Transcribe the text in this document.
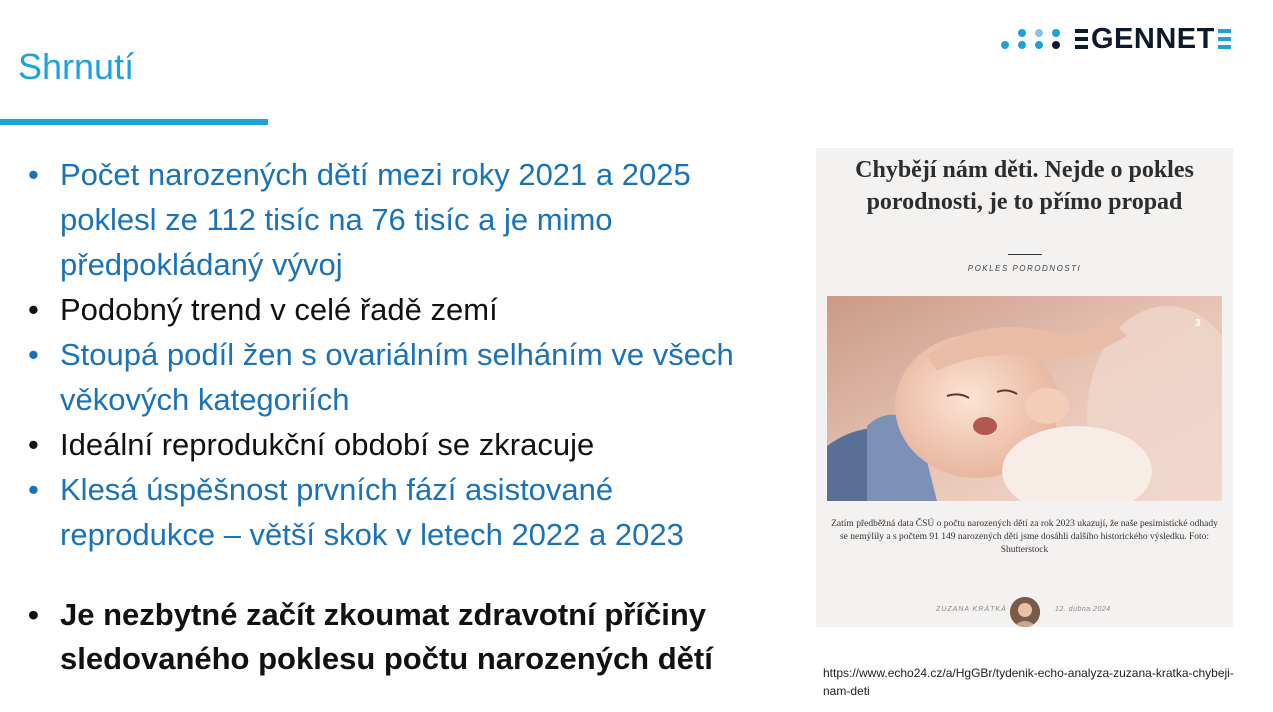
Shrnutí
GENNET
• Počet narozených dětí mezi roky 2021 a 2025 poklesl ze 112 tisíc na 76 tisíc a je mimo předpokládaný vývoj
• Podobný trend v celé řadě zemí
• Stoupá podíl žen s ovariálním selháním ve všech věkových kategoriích
• Ideální reprodukční období se zkracuje
• Klesá úspěšnost prvních fází asistované reprodukce – větší skok v letech 2022 a 2023
• Je nezbytné začít zkoumat zdravotní příčiny sledovaného poklesu počtu narozených dětí
Chybějí nám děti. Nejde o pokles porodnosti, je to přímo propad
POKLES PORODNOSTI
3
Zatím předběžná data ČSÚ o počtu narozených dětí za rok 2023 ukazují, že naše pesimistické odhady se nemýlily a s počtem 91 149 narozených dětí jsme dosáhli dalšího historického výsledku. Foto: Shutterstock
ZUZANA KRÁTKÁ	12. dubna 2024
https://www.echo24.cz/a/HgGBr/tydenik-echo-analyza-zuzana-kratka-chybeji-nam-deti
